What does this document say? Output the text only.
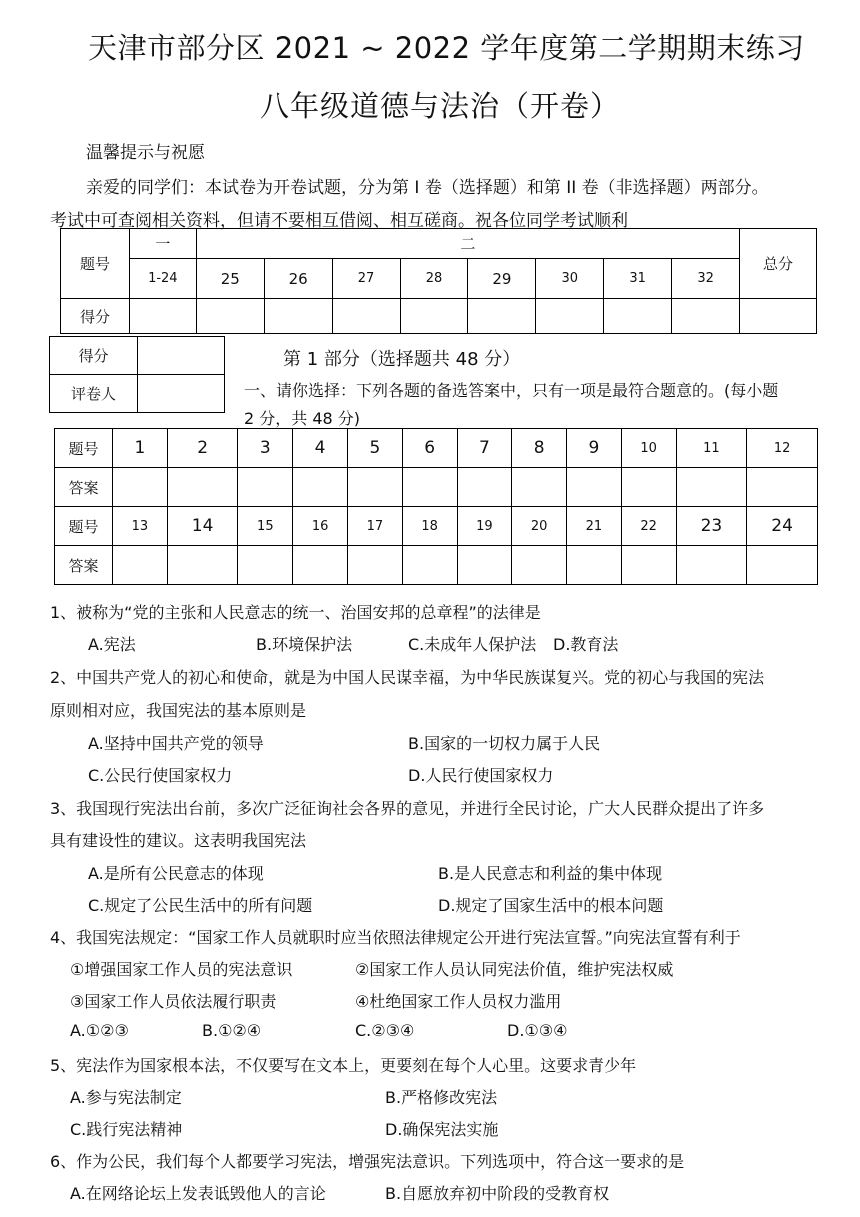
天津市部分区 2021 ~ 2022 学年度第二学期期末练习
八年级道德与法治（开卷）
温馨提示与祝愿
亲爱的同学们：本试卷为开卷试题，分为第 I 卷（选择题）和第 II 卷（非选择题）两部分。
考试中可查阅相关资料，但请不要相互借阅、相互磋商。祝各位同学考试顺利
题号	一	二								总分
	1-24	25	26	27	28	29	30	31	32	
得分										
得分	
评卷人	
第 1 部分（选择题共 48 分）
一、请你选择：下列各题的备选答案中，只有一项是最符合题意的。(每小题
2 分，共 48 分)
题号	1	2	3	4	5	6	7	8	9	10	11	12
答案												
题号	13	14	15	16	17	18	19	20	21	22	23	24
答案												
1、被称为“党的主张和人民意志的统一、治国安邦的总章程”的法律是
A.宪法	B.环境保护法	C.未成年人保护法 D.教育法
2、中国共产党人的初心和使命，就是为中国人民谋幸福，为中华民族谋复兴。党的初心与我国的宪法
原则相对应，我国宪法的基本原则是
A.坚持中国共产党的领导	B.国家的一切权力属于人民
C.公民行使国家权力	D.人民行使国家权力
3、我国现行宪法出台前，多次广泛征询社会各界的意见，并进行全民讨论，广大人民群众提出了许多
具有建设性的建议。这表明我国宪法
A.是所有公民意志的体现	B.是人民意志和利益的集中体现
C.规定了公民生活中的所有问题	D.规定了国家生活中的根本问题
4、我国宪法规定：“国家工作人员就职时应当依照法律规定公开进行宪法宣誓。”向宪法宣誓有利于
①增强国家工作人员的宪法意识	②国家工作人员认同宪法价值，维护宪法权威
③国家工作人员依法履行职责	④杜绝国家工作人员权力滥用
A.①②③	B.①②④	C.②③④	D.①③④
5、宪法作为国家根本法，不仅要写在文本上，更要刻在每个人心里。这要求青少年
A.参与宪法制定	B.严格修改宪法
C.践行宪法精神	D.确保宪法实施
6、作为公民，我们每个人都要学习宪法，增强宪法意识。下列选项中，符合这一要求的是
A.在网络论坛上发表诋毁他人的言论	B.自愿放弃初中阶段的受教育权
